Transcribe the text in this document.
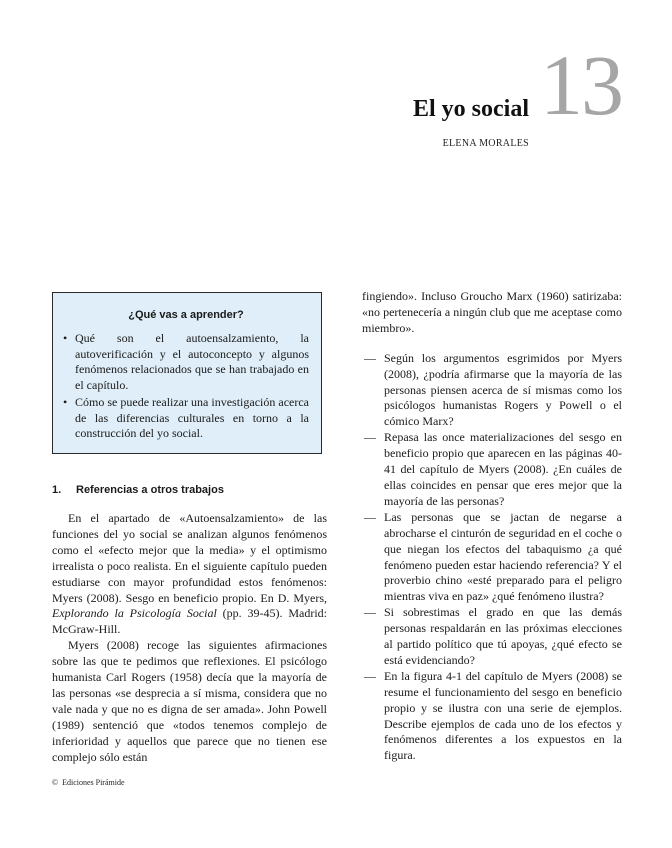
13
El yo social
ELENA MORALES
¿Qué vas a aprender?
• Qué son el autoensalzamiento, la autoverificación y el autoconcepto y algunos fenómenos relacionados que se han trabajado en el capítulo.
• Cómo se puede realizar una investigación acerca de las diferencias culturales en torno a la construcción del yo social.
1. Referencias a otros trabajos

En el apartado de «Autoensalzamiento» de las funciones del yo social se analizan algunos fenómenos como el «efecto mejor que la media» y el optimismo irrealista o poco realista. En el siguiente capítulo pueden estudiarse con mayor profundidad estos fenómenos: Myers (2008). Sesgo en beneficio propio. En D. Myers, Explorando la Psicología Social (pp. 39-45). Madrid: McGraw-Hill.

Myers (2008) recoge las siguientes afirmaciones sobre las que te pedimos que reflexiones. El psicólogo humanista Carl Rogers (1958) decía que la mayoría de las personas «se desprecia a sí misma, considera que no vale nada y que no es digna de ser amada». John Powell (1989) sentenció que «todos tenemos complejo de inferioridad y aquellos que parece que no tienen ese complejo sólo están

fingiendo». Incluso Groucho Marx (1960) satirizaba: «no pertenecería a ningún club que me aceptase como miembro».

— Según los argumentos esgrimidos por Myers (2008), ¿podría afirmarse que la mayoría de las personas piensen acerca de sí mismas como los psicólogos humanistas Rogers y Powell o el cómico Marx?
— Repasa las once materializaciones del sesgo en beneficio propio que aparecen en las páginas 40-41 del capítulo de Myers (2008). ¿En cuáles de ellas coincides en pensar que eres mejor que la mayoría de las personas?
— Las personas que se jactan de negarse a abrocharse el cinturón de seguridad en el coche o que niegan los efectos del tabaquismo ¿a qué fenómeno pueden estar haciendo referencia? Y el proverbio chino «esté preparado para el peligro mientras viva en paz» ¿qué fenómeno ilustra?
— Si sobrestimas el grado en que las demás personas respaldarán en las próximas elecciones al partido político que tú apoyas, ¿qué efecto se está evidenciando?
— En la figura 4-1 del capítulo de Myers (2008) se resume el funcionamiento del sesgo en beneficio propio y se ilustra con una serie de ejemplos. Describe ejemplos de cada uno de los efectos y fenómenos diferentes a los expuestos en la figura.
© Ediciones Pirámide
